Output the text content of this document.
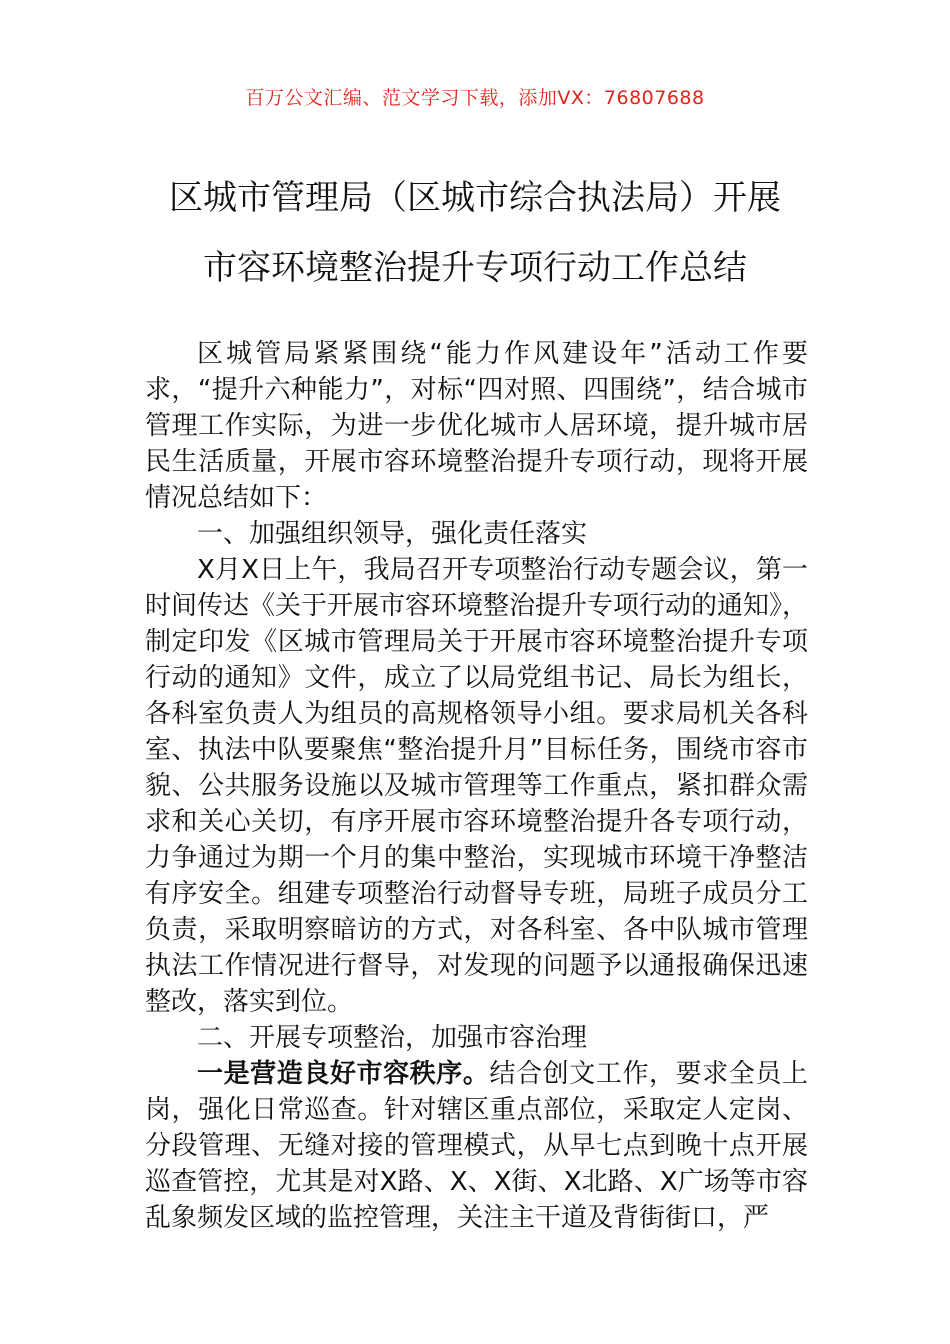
百万公文汇编、范文学习下载，添加VX：76807688
区城市管理局（区城市综合执法局）开展
市容环境整治提升专项行动工作总结

区城管局紧紧围绕“能力作风建设年”活动工作要求，“提升六种能力”，对标“四对照、四围绕”，结合城市管理工作实际，为进一步优化城市人居环境，提升城市居民生活质量，开展市容环境整治提升专项行动，现将开展情况总结如下：

一、加强组织领导，强化责任落实

X月X日上午，我局召开专项整治行动专题会议，第一时间传达《关于开展市容环境整治提升专项行动的通知》，制定印发《区城市管理局关于开展市容环境整治提升专项行动的通知》文件，成立了以局党组书记、局长为组长，各科室负责人为组员的高规格领导小组。要求局机关各科室、执法中队要聚焦“整治提升月”目标任务，围绕市容市貌、公共服务设施以及城市管理等工作重点，紧扣群众需求和关心关切，有序开展市容环境整治提升各专项行动，力争通过为期一个月的集中整治，实现城市环境干净整洁有序安全。组建专项整治行动督导专班，局班子成员分工负责，采取明察暗访的方式，对各科室、各中队城市管理执法工作情况进行督导，对发现的问题予以通报确保迅速整改，落实到位。

二、开展专项整治，加强市容治理

一是营造良好市容秩序。结合创文工作，要求全员上岗，强化日常巡查。针对辖区重点部位，采取定人定岗、分段管理、无缝对接的管理模式，从早七点到晚十点开展巡查管控，尤其是对X路、X、X街、X北路、X广场等市容乱象频发区域的监控管理，关注主干道及背街街口，严
